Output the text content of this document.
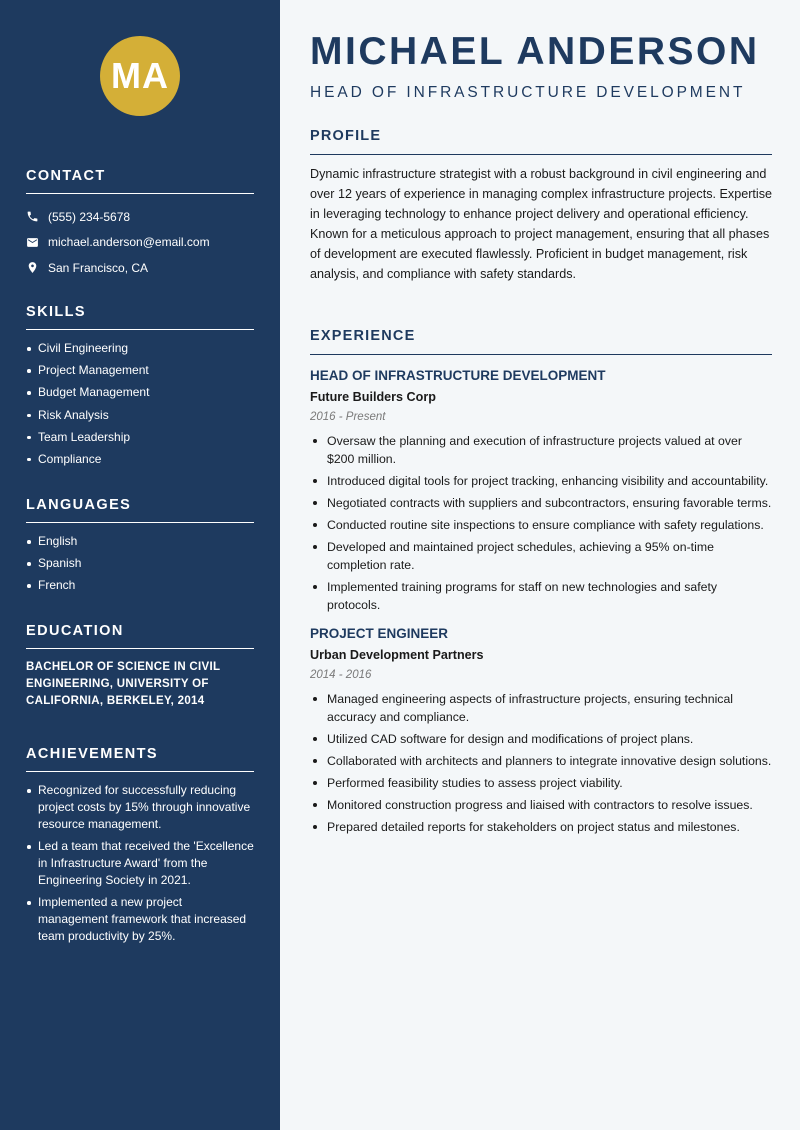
MA
CONTACT
(555) 234-5678
michael.anderson@email.com
San Francisco, CA
SKILLS
Civil Engineering
Project Management
Budget Management
Risk Analysis
Team Leadership
Compliance
LANGUAGES
English
Spanish
French
EDUCATION
BACHELOR OF SCIENCE IN CIVIL ENGINEERING, UNIVERSITY OF CALIFORNIA, BERKELEY, 2014
ACHIEVEMENTS
Recognized for successfully reducing project costs by 15% through innovative resource management.
Led a team that received the 'Excellence in Infrastructure Award' from the Engineering Society in 2021.
Implemented a new project management framework that increased team productivity by 25%.
MICHAEL ANDERSON
HEAD OF INFRASTRUCTURE DEVELOPMENT
PROFILE

Dynamic infrastructure strategist with a robust background in civil engineering and over 12 years of experience in managing complex infrastructure projects. Expertise in leveraging technology to enhance project delivery and operational efficiency. Known for a meticulous approach to project management, ensuring that all phases of development are executed flawlessly. Proficient in budget management, risk analysis, and compliance with safety standards.

EXPERIENCE
HEAD OF INFRASTRUCTURE DEVELOPMENT
Future Builders Corp
2016 - Present
Oversaw the planning and execution of infrastructure projects valued at over $200 million.
Introduced digital tools for project tracking, enhancing visibility and accountability.
Negotiated contracts with suppliers and subcontractors, ensuring favorable terms.
Conducted routine site inspections to ensure compliance with safety regulations.
Developed and maintained project schedules, achieving a 95% on-time completion rate.
Implemented training programs for staff on new technologies and safety protocols.
PROJECT ENGINEER
Urban Development Partners
2014 - 2016
Managed engineering aspects of infrastructure projects, ensuring technical accuracy and compliance.
Utilized CAD software for design and modifications of project plans.
Collaborated with architects and planners to integrate innovative design solutions.
Performed feasibility studies to assess project viability.
Monitored construction progress and liaised with contractors to resolve issues.
Prepared detailed reports for stakeholders on project status and milestones.
